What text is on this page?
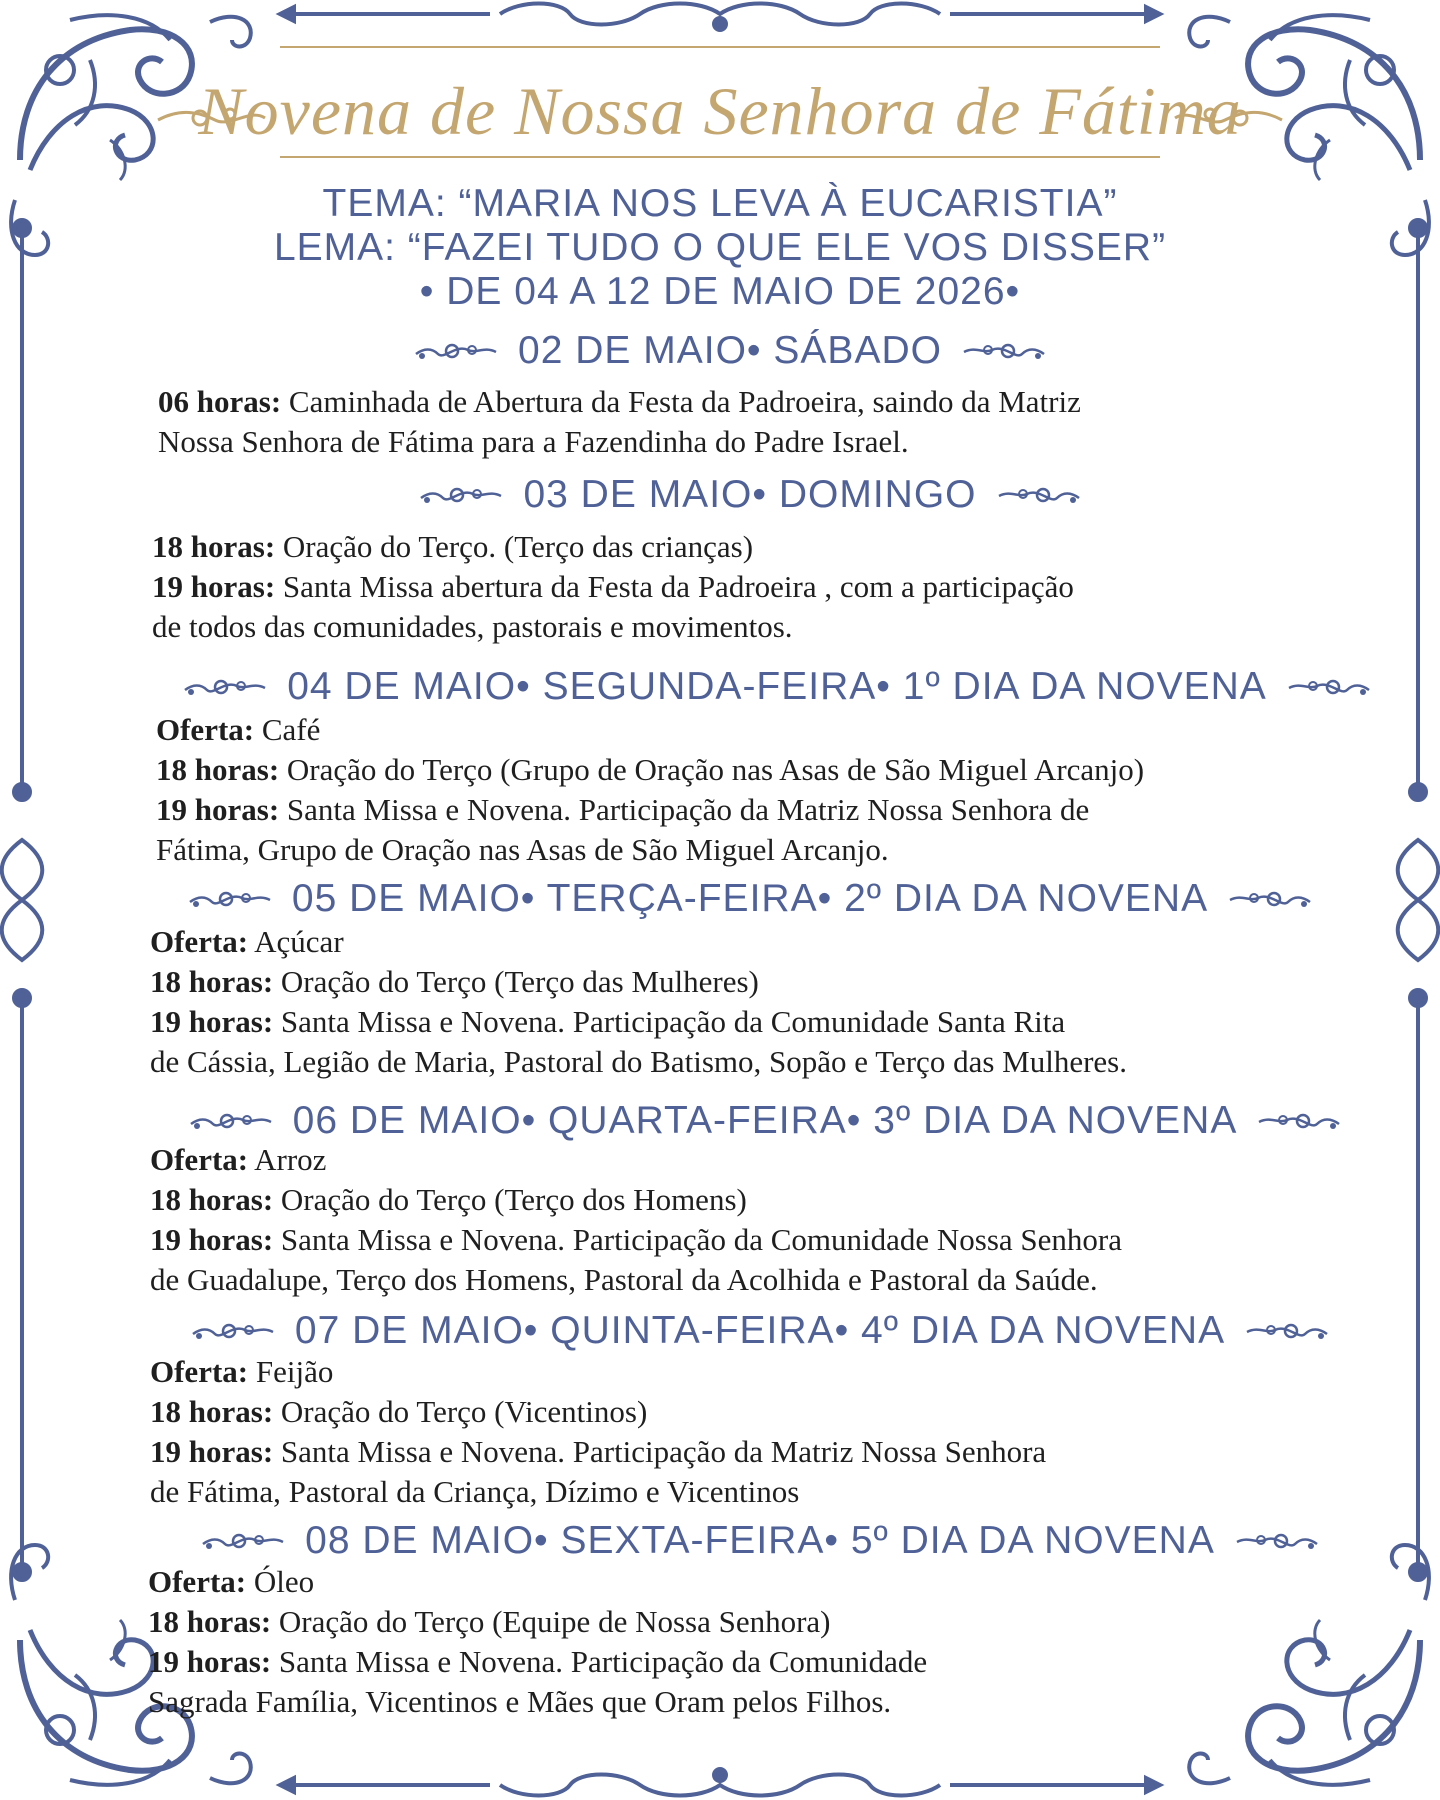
Novena de Nossa Senhora de Fátima
TEMA: “MARIA NOS LEVA À EUCARISTIA”
LEMA: “FAZEI TUDO O QUE ELE VOS DISSER”
• DE 04 A 12 DE MAIO DE 2026•
02 DE MAIO• SÁBADO
06 horas: Caminhada de Abertura da Festa da Padroeira, saindo da Matriz
Nossa Senhora de Fátima para a Fazendinha do Padre Israel.
03 DE MAIO• DOMINGO
18 horas: Oração do Terço. (Terço das crianças)
19 horas: Santa Missa abertura da Festa da Padroeira , com a participação
de todos das comunidades, pastorais e movimentos.
04 DE MAIO• SEGUNDA-FEIRA• 1º DIA DA NOVENA
Oferta: Café
18 horas: Oração do Terço (Grupo de Oração nas Asas de São Miguel Arcanjo)
19 horas: Santa Missa e Novena. Participação da Matriz Nossa Senhora de
Fátima, Grupo de Oração nas Asas de São Miguel Arcanjo.
05 DE MAIO• TERÇA-FEIRA• 2º DIA DA NOVENA
Oferta: Açúcar
18 horas: Oração do Terço (Terço das Mulheres)
19 horas: Santa Missa e Novena. Participação da Comunidade Santa Rita
de Cássia, Legião de Maria, Pastoral do Batismo, Sopão e Terço das Mulheres.
06 DE MAIO• QUARTA-FEIRA• 3º DIA DA NOVENA
Oferta: Arroz
18 horas: Oração do Terço (Terço dos Homens)
19 horas: Santa Missa e Novena. Participação da Comunidade Nossa Senhora
de Guadalupe, Terço dos Homens, Pastoral da Acolhida e Pastoral da Saúde.
07 DE MAIO• QUINTA-FEIRA• 4º DIA DA NOVENA
Oferta: Feijão
18 horas: Oração do Terço (Vicentinos)
19 horas: Santa Missa e Novena. Participação da Matriz Nossa Senhora
de Fátima, Pastoral da Criança, Dízimo e Vicentinos
08 DE MAIO• SEXTA-FEIRA• 5º DIA DA NOVENA
Oferta: Óleo
18 horas: Oração do Terço (Equipe de Nossa Senhora)
19 horas: Santa Missa e Novena. Participação da Comunidade
Sagrada Família, Vicentinos e Mães que Oram pelos Filhos.
